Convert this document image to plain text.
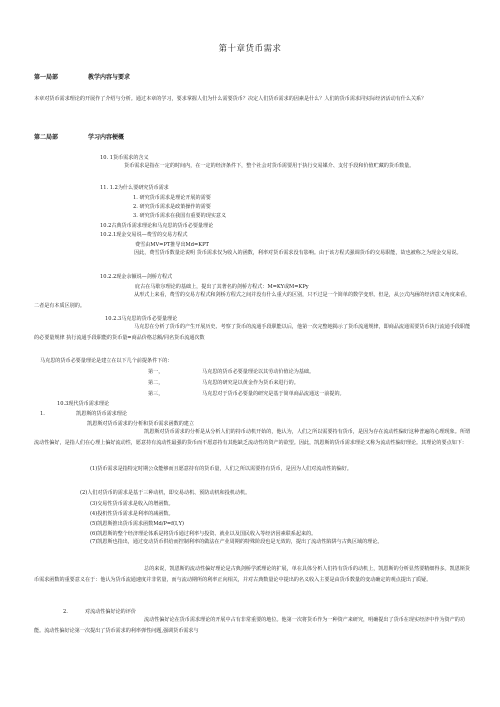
第十章货币需求
第一局部	教学内容与要求
本章对货币需求理论的开展作了介绍与分析。通过本章的学习，要求掌握人们为什么需要货币？决定人们货币需求的因素是什么？人们的货币需求同实际经济活动有什么关系？
第二局部	学习内容梗概
10. 1货币需求的含义
货币需求是指在一定的时间内，在一定的经济条件下，整个社会对货币需要用于执行交易媒介、支付手段和价值贮藏的货币数量。
11. 1.2为什么要研究货币需求
1. 研究货币需求是理论开展的需要
2. 研究货币需求是政策操作的需要
3. 研究货币需求在我国有重要的现实意义
10.2古典货币需求理论和马克思的货币必要量理论
10.2.1现金交易说—费雪的交易方程式
费雪由MV=PT推导出Md=KPT
因此，费雪货币数量论说明 货币需求仅为收入的函数，利率对货币需求没有影响。由于该方程式强调货币的交易职能，故也被称之为现金交易说。
10.2.2现金余额说—剑桥方程式
庇古在马歇尔理论的基础上，提出了其著名的剑桥方程式：M=KY或M=KPy
从形式上来看，费雪的交易方程式和剑桥方程式之间并没有什么重大的区别，只不过是一个简单的数学变形。但是，从公式内涵的经济意义角度来看，二者是有本质区别的。
10.2.3马克思的货币必要量理论
马克思在分析了货币的产生开展历史、考察了货币的流通手段职能以后，他第一次完整地揭示了货币流通规律，即商品流通需要货币执行流通手段职能的必要量规律 执行流通手段职能的货币量=商品价格总额/同名货币流通次数
马克思的货币必要量理论是建立在以下几个前提条件下的：
第一，	马克思的货币必要量理论以其劳动价值论为基础。
第二，	马克思的研究是以黄金作为货币来进行的。
第三，	马克思对于货币必要量的研究是基于简单商品流通这一前提的。
10.3现代货币需求理论
1.	凯恩斯的货币需求理论
凯恩斯对货币需求的分析和货币需求函数的建立
凯恩斯对货币需求的分析是从分析人们的持币动机开始的，他认为，人们之所以需要持有货币，是因为存在流动性偏好这种普遍的心理现象。所谓流动性偏好，是指人们在心理上偏好流动性，愿意持有流动性最强的货币而不愿意持有其他缺乏流动性的资产的欲望。因此，凯恩斯的货币需求理论又称为流动性偏好理论。其理论的要点如下：
(1)货币需求是指特定时期公众能够而且愿意持有的货币量，人们之所以需要持有货币，是因为人们对流动性的偏好。
(2)人们对货币的需求是基于三种动机，即交易动机、预防动机和投机动机。
(3)交易性货币需求是收入的增函数。
(4)投机性货币需求是利率的减函数。
(5)凯恩斯推出货币需求函数Md/P=f(I,Y)
(6)凯恩斯的整个经济理论体系是将货币通过利率与投资、就业以及国民收入等经济因素联系起来的。
(7)凯恩斯也指出，通过变动货币供给而控制利率的做法在产业周期的特殊阶段也是无效的，提出了流动性陷阱与古典区域的理论。
总的来说，凯恩斯的流动性偏好理论是古典剑桥学派理论的扩展，单在具体分析人们持有货币的动机上，凯恩斯的分析显然要精细得多。凯恩斯货币需求函数的重要意义在于：他认为货币流通速度并非常量，而与流动期所的利率正向相关，并对古典数量论中提出的名义收入主要是由货币数量的变动确定的观点提出了质疑。
2.	对流动性偏好论的评价
流动性偏好论在货币需求理论的开展中占有非常重要的地位。他第一次将货币作为一种资产来研究，明确提出了货币在现实经济中作为资产的功能。流动性偏好论第一次提出了货币需求的利率弹性问题,强调货币需求与
